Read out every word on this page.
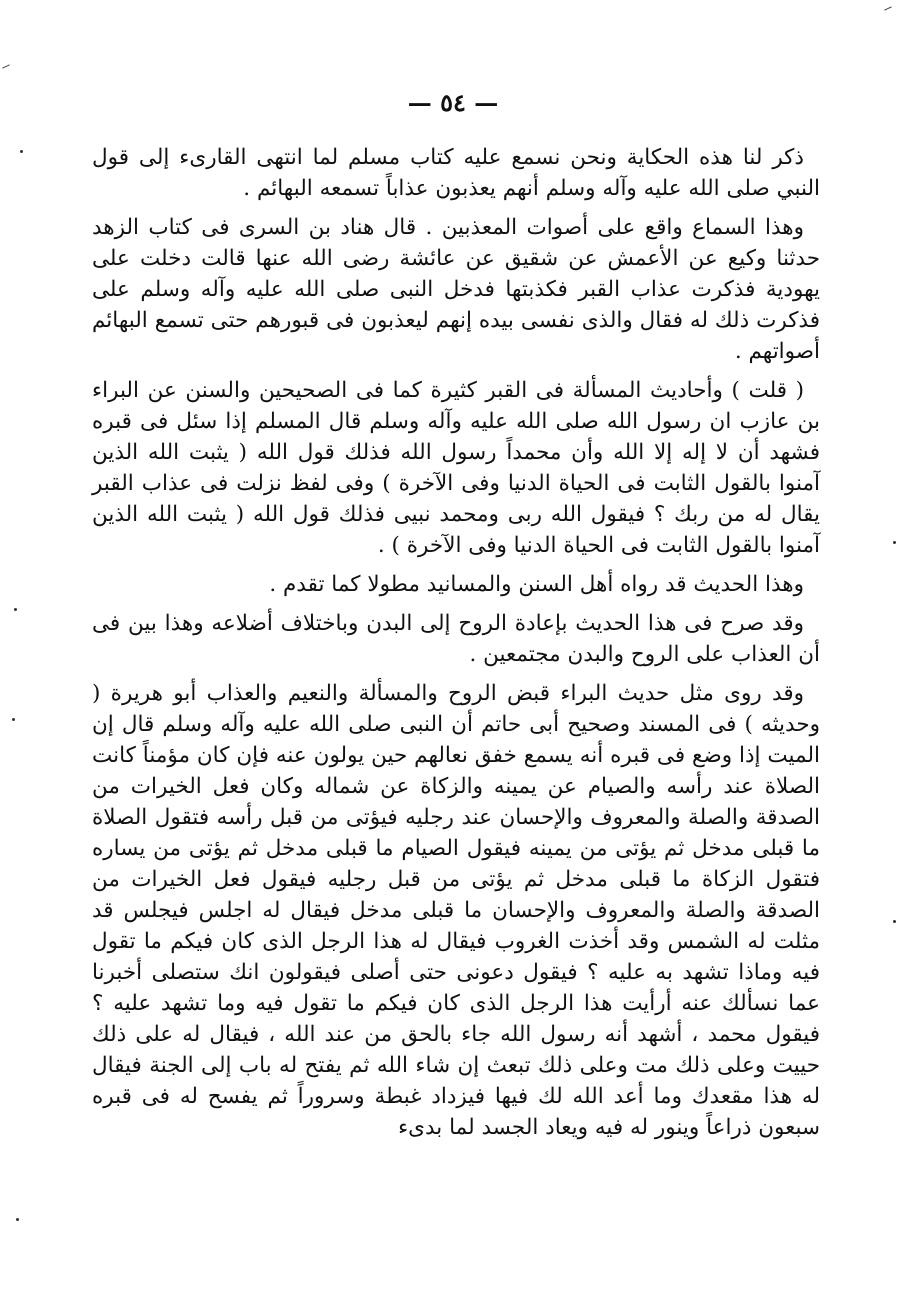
— ٥٤ —

ذكر لنا هذه الحكاية ونحن نسمع عليه كتاب مسلم لما انتهى القارىء إلى قول النبي صلى الله عليه وآله وسلم أنهم يعذبون عذاباً تسمعه البهائم .

وهذا السماع واقع على أصوات المعذبين . قال هناد بن السرى فى كتاب الزهد حدثنا وكيع عن الأعمش عن شقيق عن عائشة رضى الله عنها قالت دخلت على يهودية فذكرت عذاب القبر فكذبتها فدخل النبى صلى الله عليه وآله وسلم على فذكرت ذلك له فقال والذى نفسى بيده إنهم ليعذبون فى قبورهم حتى تسمع البهائم أصواتهم .

( قلت ) وأحاديث المسألة فى القبر كثيرة كما فى الصحيحين والسنن عن البراء بن عازب ان رسول الله صلى الله عليه وآله وسلم قال المسلم إذا سئل فى قبره فشهد أن لا إله إلا الله وأن محمداً رسول الله فذلك قول الله ( يثبت الله الذين آمنوا بالقول الثابت فى الحياة الدنيا وفى الآخرة ) وفى لفظ نزلت فى عذاب القبر يقال له من ربك ؟ فيقول الله ربى ومحمد نبيى فذلك قول الله ( يثبت الله الذين آمنوا بالقول الثابت فى الحياة الدنيا وفى الآخرة ) .

وهذا الحديث قد رواه أهل السنن والمسانيد مطولا كما تقدم .

وقد صرح فى هذا الحديث بإعادة الروح إلى البدن وباختلاف أضلاعه وهذا بين فى أن العذاب على الروح والبدن مجتمعين .

وقد روى مثل حديث البراء قبض الروح والمسألة والنعيم والعذاب أبو هريرة ( وحديثه ) فى المسند وصحيح أبى حاتم أن النبى صلى الله عليه وآله وسلم قال إن الميت إذا وضع فى قبره أنه يسمع خفق نعالهم حين يولون عنه فإن كان مؤمناً كانت الصلاة عند رأسه والصيام عن يمينه والزكاة عن شماله وكان فعل الخيرات من الصدقة والصلة والمعروف والإحسان عند رجليه فيؤتى من قبل رأسه فتقول الصلاة ما قبلى مدخل ثم يؤتى من يمينه فيقول الصيام ما قبلى مدخل ثم يؤتى من يساره فتقول الزكاة ما قبلى مدخل ثم يؤتى من قبل رجليه فيقول فعل الخيرات من الصدقة والصلة والمعروف والإحسان ما قبلى مدخل فيقال له اجلس فيجلس قد مثلت له الشمس وقد أخذت الغروب فيقال له هذا الرجل الذى كان فيكم ما تقول فيه وماذا تشهد به عليه ؟ فيقول دعونى حتى أصلى فيقولون انك ستصلى أخبرنا عما نسألك عنه أرأيت هذا الرجل الذى كان فيكم ما تقول فيه وما تشهد عليه ؟ فيقول محمد ، أشهد أنه رسول الله جاء بالحق من عند الله ، فيقال له على ذلك حييت وعلى ذلك مت وعلى ذلك تبعث إن شاء الله ثم يفتح له باب إلى الجنة فيقال له هذا مقعدك وما أعد الله لك فيها فيزداد غبطة وسروراً ثم يفسح له فى قبره سبعون ذراعاً وينور له فيه ويعاد الجسد لما بدىء
